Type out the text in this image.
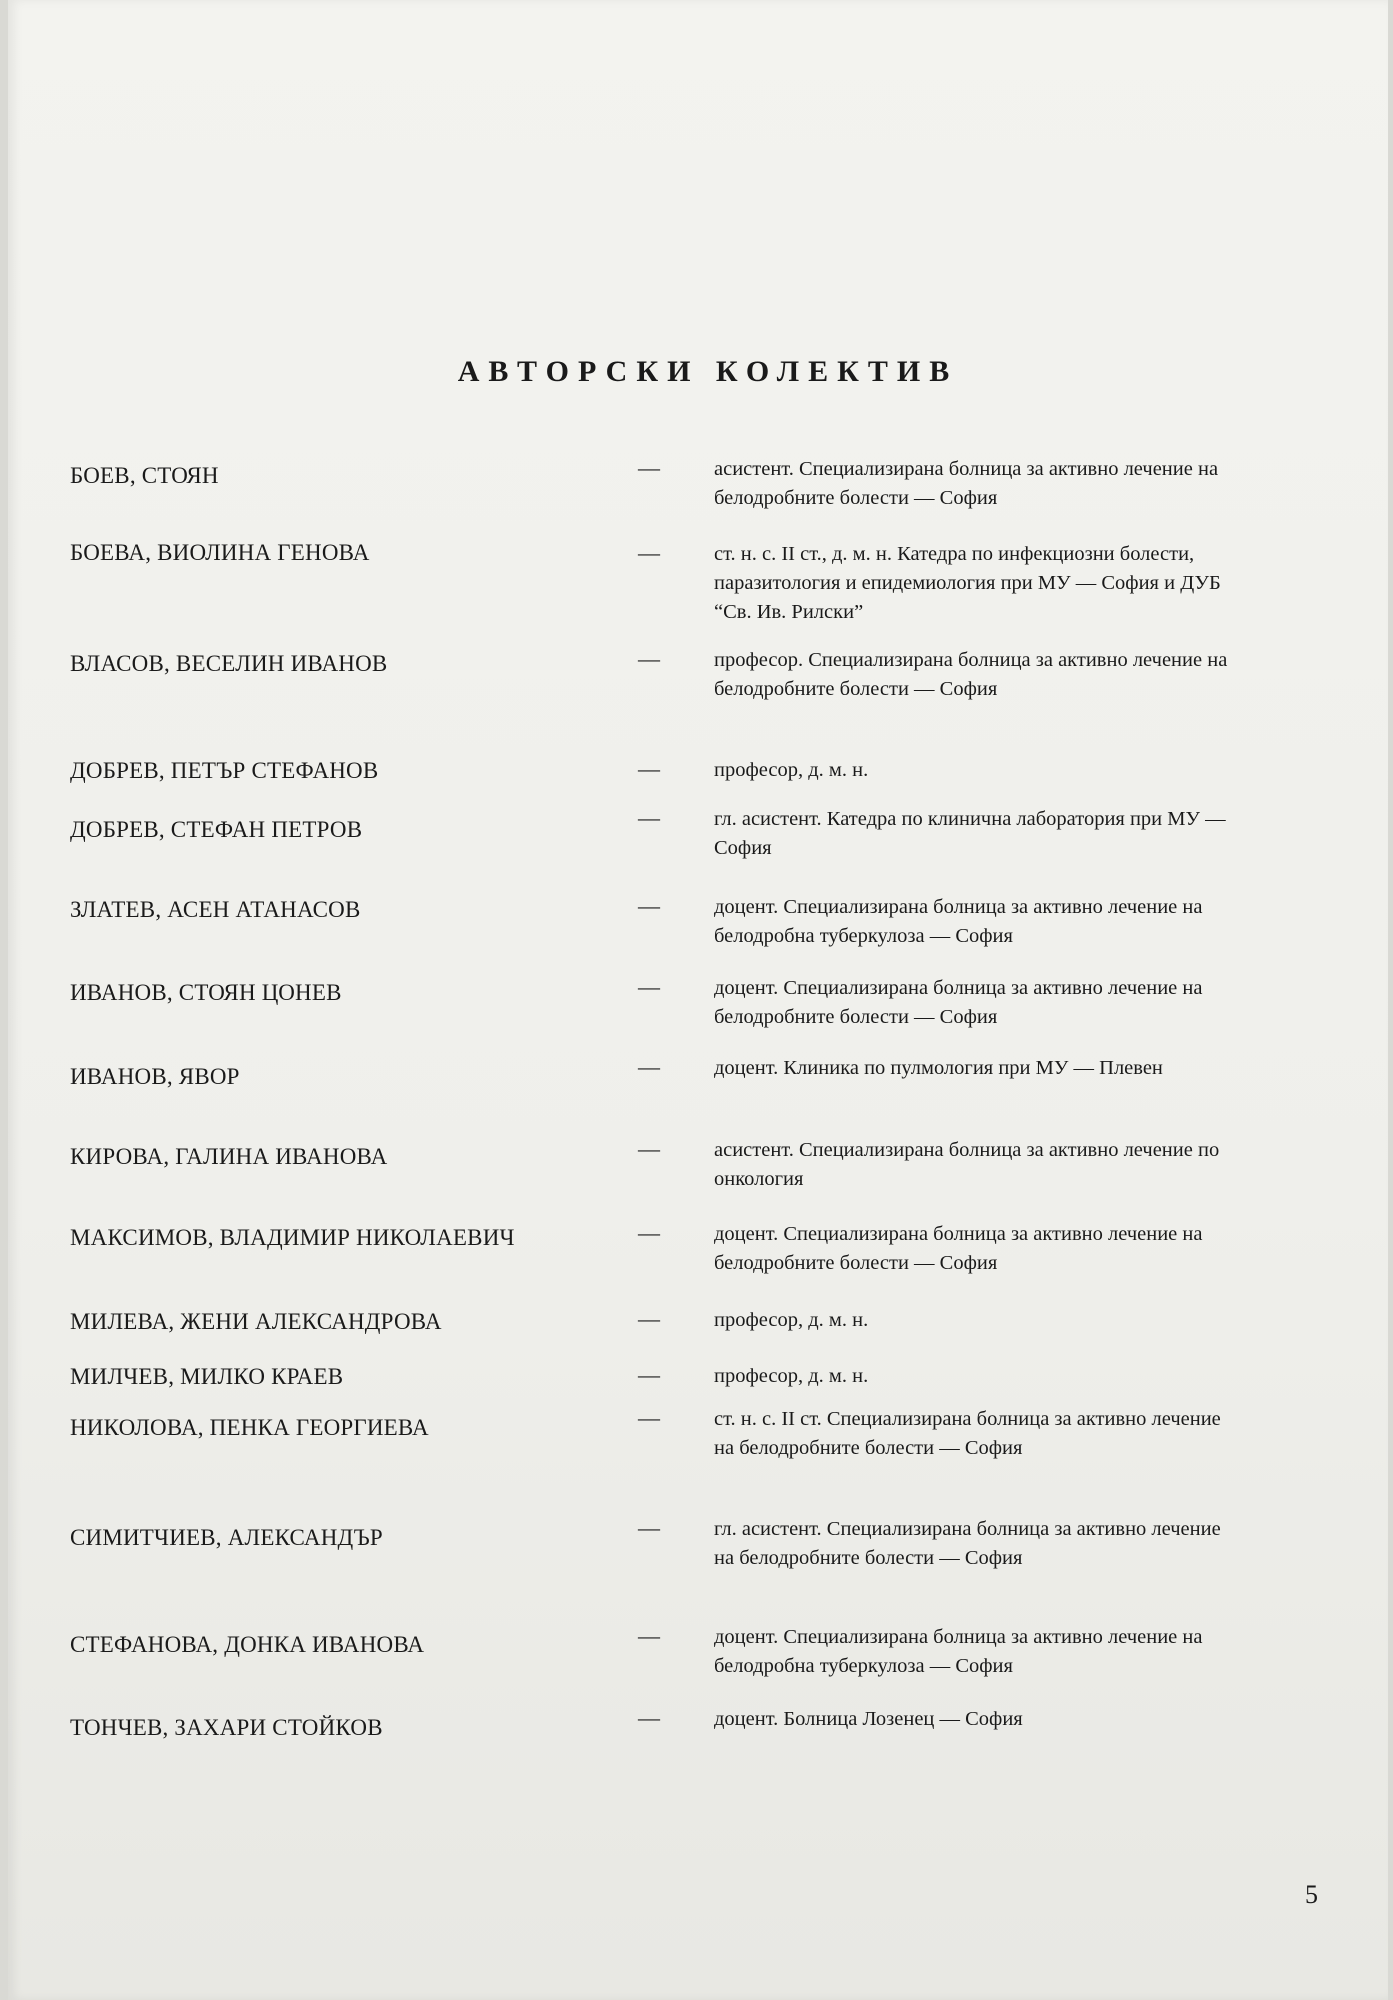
АВТОРСКИ КОЛЕКТИВ
БОЕВ, СТОЯН	—	асистент. Специализирана болница за активно лечение на белодробните болести — София
БОЕВА, ВИОЛИНА ГЕНОВА	—	ст. н. с. II ст., д. м. н. Катедра по инфекциозни болести, паразитология и епидемиология при МУ — София и ДУБ “Св. Ив. Рилски”
ВЛАСОВ, ВЕСЕЛИН ИВАНОВ	—	професор. Специализирана болница за активно лечение на белодробните болести — София
ДОБРЕВ, ПЕТЪР СТЕФАНОВ	—	професор, д. м. н.
ДОБРЕВ, СТЕФАН ПЕТРОВ	—	гл. асистент. Катедра по клинична лаборатория при МУ — София
ЗЛАТЕВ, АСЕН АТАНАСОВ	—	доцент. Специализирана болница за активно лечение на белодробна туберкулоза — София
ИВАНОВ, СТОЯН ЦОНЕВ	—	доцент. Специализирана болница за активно лечение на белодробните болести — София
ИВАНОВ, ЯВОР	—	доцент. Клиника по пулмология при МУ — Плевен
КИРОВА, ГАЛИНА ИВАНОВА	—	асистент. Специализирана болница за активно лечение по онкология
МАКСИМОВ, ВЛАДИМИР НИКОЛАЕВИЧ	—	доцент. Специализирана болница за активно лечение на белодробните болести — София
МИЛЕВА, ЖЕНИ АЛЕКСАНДРОВА	—	професор, д. м. н.
МИЛЧЕВ, МИЛКО КРАЕВ	—	професор, д. м. н.
НИКОЛОВА, ПЕНКА ГЕОРГИЕВА	—	ст. н. с. II ст. Специализирана болница за активно лечение на белодробните болести — София
СИМИТЧИЕВ, АЛЕКСАНДЪР	—	гл. асистент. Специализирана болница за активно лечение на белодробните болести — София
СТЕФАНОВА, ДОНКА ИВАНОВА	—	доцент. Специализирана болница за активно лечение на белодробна туберкулоза — София
ТОНЧЕВ, ЗАХАРИ СТОЙКОВ	—	доцент. Болница Лозенец — София
5
